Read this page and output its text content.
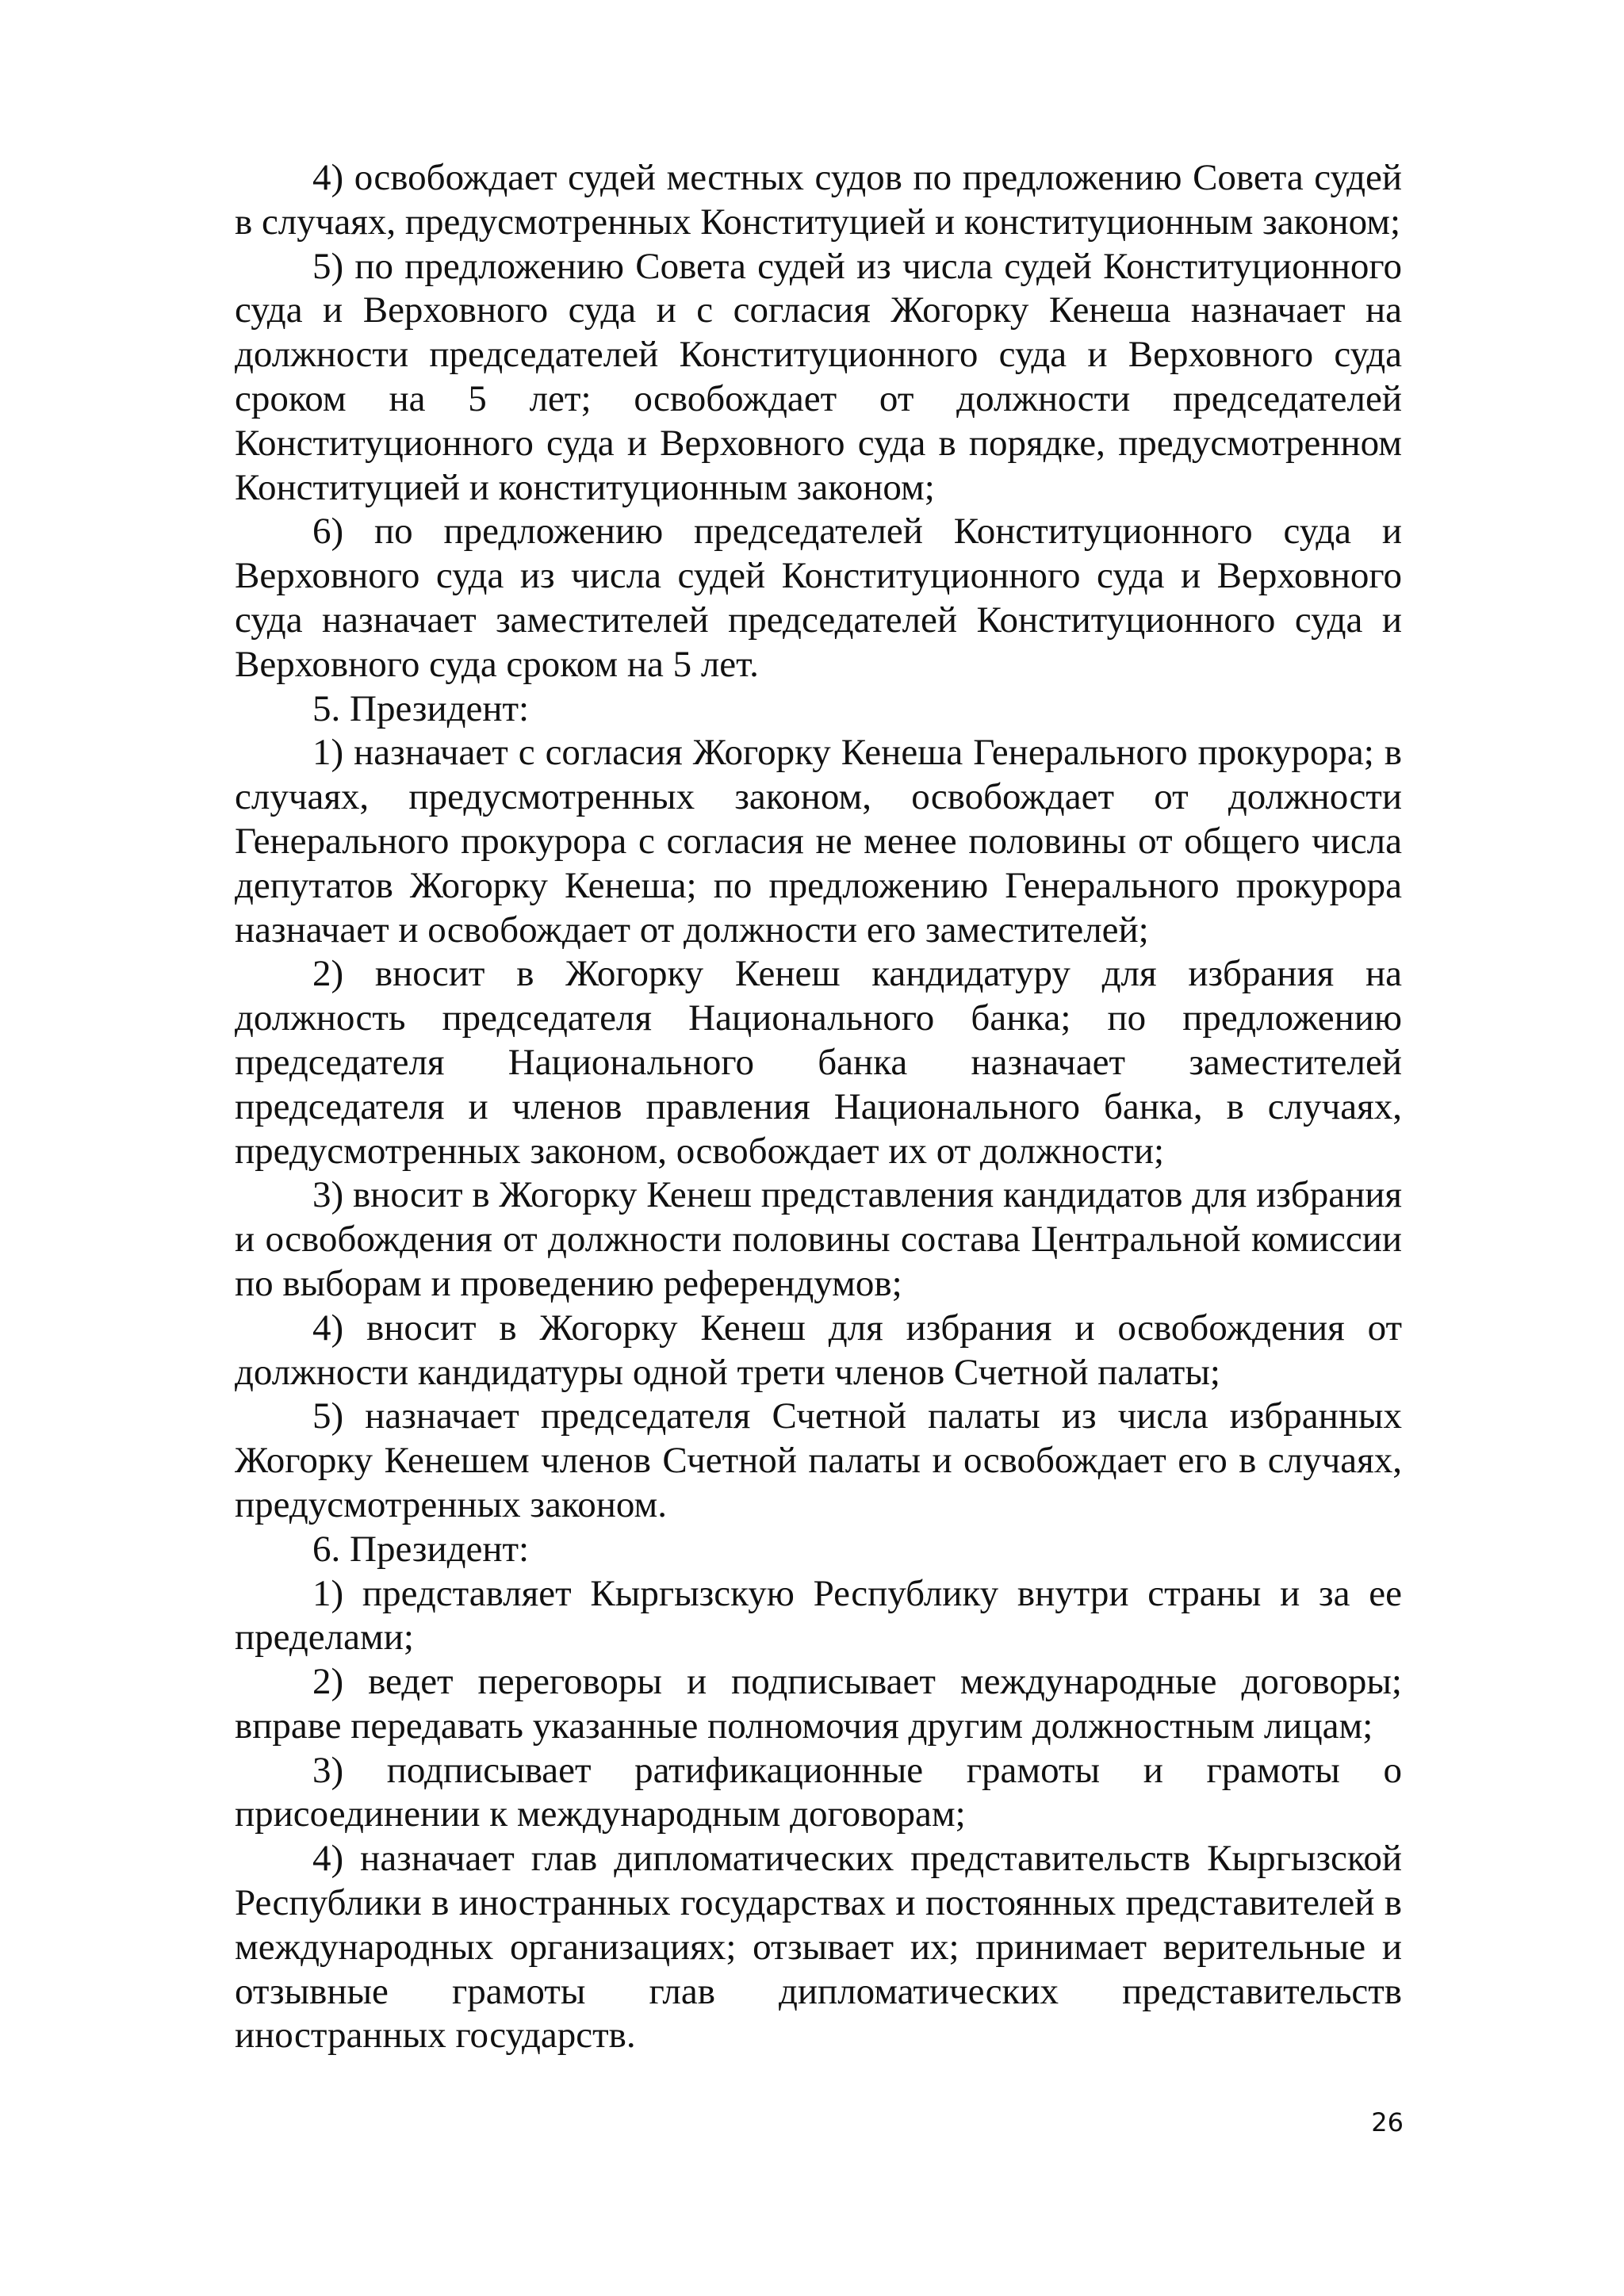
4) освобождает судей местных судов по предложению Совета судей в случаях, предусмотренных Конституцией и конституционным законом;

5) по предложению Совета судей из числа судей Конституционного суда и Верховного суда и с согласия Жогорку Кенеша назначает на должности председателей Конституционного суда и Верховного суда сроком на 5 лет; освобождает от должности председателей Конституционного суда и Верховного суда в порядке, предусмотренном Конституцией и конституционным законом;

6) по предложению председателей Конституционного суда и Верховного суда из числа судей Конституционного суда и Верховного суда назначает заместителей председателей Конституционного суда и Верховного суда сроком на 5 лет.

5. Президент:

1) назначает с согласия Жогорку Кенеша Генерального прокурора; в случаях, предусмотренных законом, освобождает от должности Генерального прокурора с согласия не менее половины от общего числа депутатов Жогорку Кенеша; по предложению Генерального прокурора назначает и освобождает от должности его заместителей;

2) вносит в Жогорку Кенеш кандидатуру для избрания на должность председателя Национального банка; по предложению председателя Национального банка назначает заместителей председателя и членов правления Национального банка, в случаях, предусмотренных законом, освобождает их от должности;

3) вносит в Жогорку Кенеш представления кандидатов для избрания и освобождения от должности половины состава Центральной комиссии по выборам и проведению референдумов;

4) вносит в Жогорку Кенеш для избрания и освобождения от должности кандидатуры одной трети членов Счетной палаты;

5) назначает председателя Счетной палаты из числа избранных Жогорку Кенешем членов Счетной палаты и освобождает его в случаях, предусмотренных законом.

6. Президент:

1) представляет Кыргызскую Республику внутри страны и за ее пределами;

2) ведет переговоры и подписывает международные договоры; вправе передавать указанные полномочия другим должностным лицам;

3) подписывает ратификационные грамоты и грамоты о присоединении к международным договорам;

4) назначает глав дипломатических представительств Кыргызской Республики в иностранных государствах и постоянных представителей в международных организациях; отзывает их; принимает верительные и отзывные грамоты глав дипломатических представительств иностранных государств.

26
